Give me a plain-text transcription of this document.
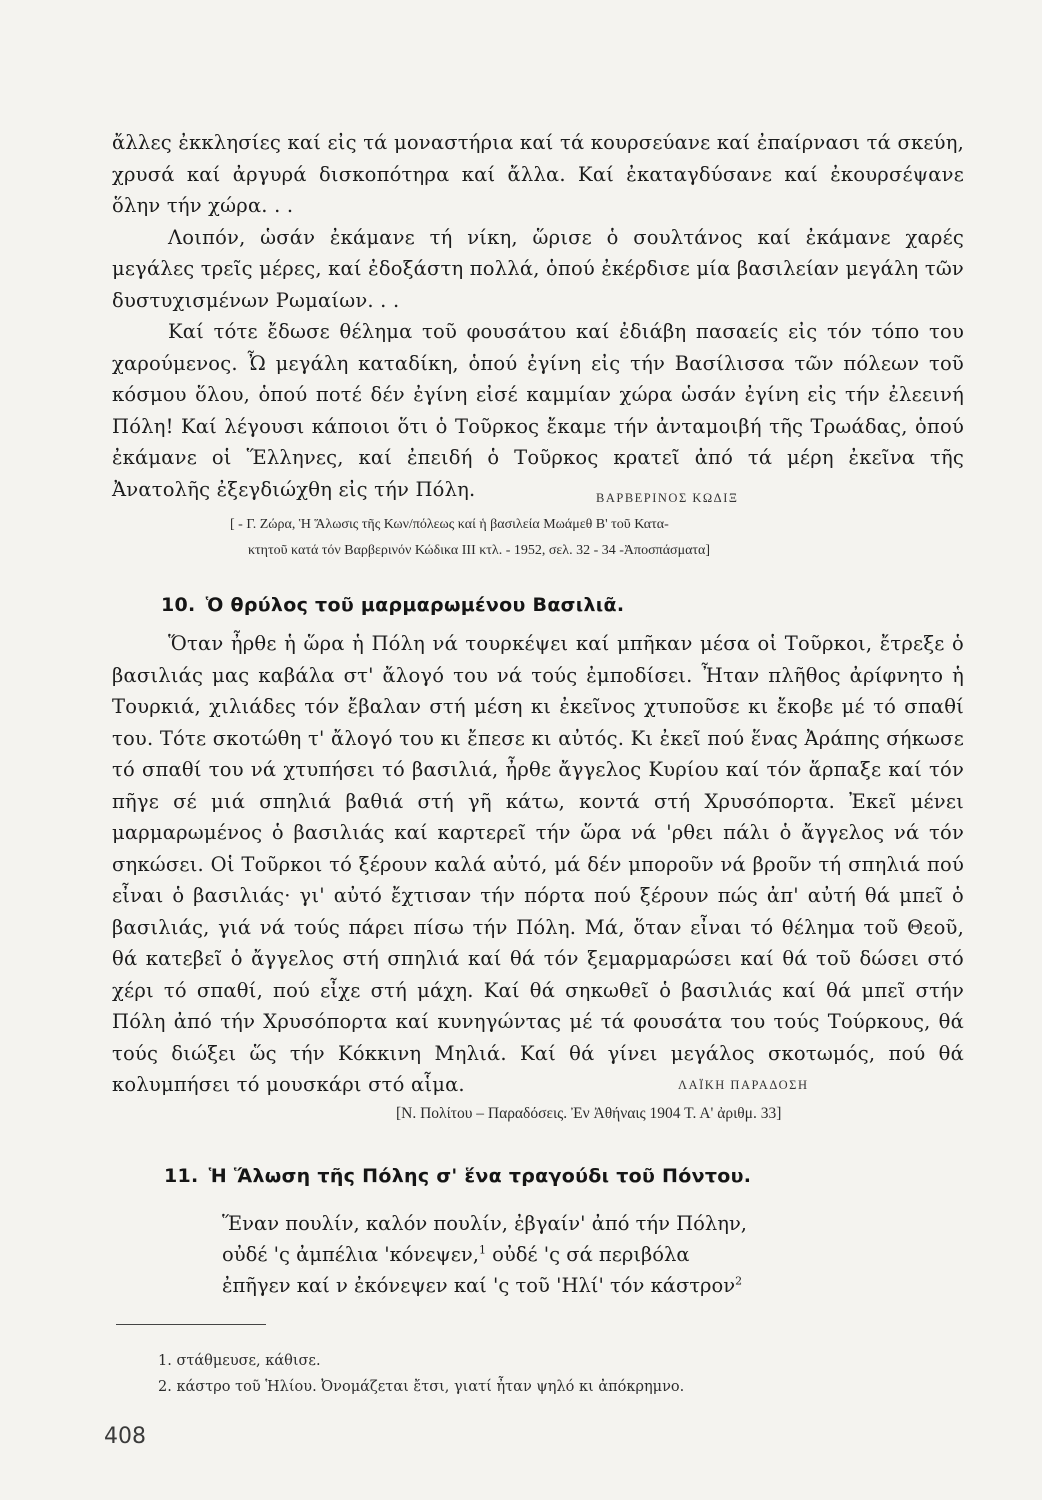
ἄλλες ἐκκλησίες καί εἰς τά μοναστήρια καί τά κουρσεύανε καί ἐπαίρνασι τά σκεύη, χρυσά καί ἀργυρά δισκοπότηρα καί ἄλλα. Καί ἐκαταγδύσανε καί ἐκουρσέψανε ὅλην τήν χώρα. . .

Λοιπόν, ὡσάν ἐκάμανε τή νίκη, ὥρισε ὁ σουλτάνος καί ἐκάμανε χαρές μεγάλες τρεῖς μέρες, καί ἐδοξάστη πολλά, ὁπού ἐκέρδισε μία βασιλείαν μεγάλη τῶν δυστυχισμένων Ρωμαίων. . .

Καί τότε ἔδωσε θέλημα τοῦ φουσάτου καί ἐδιάβη πασαείς εἰς τόν τόπο του χαρούμενος. Ὦ μεγάλη καταδίκη, ὁπού ἐγίνη εἰς τήν Βασίλισσα τῶν πόλεων τοῦ κόσμου ὅλου, ὁπού ποτέ δέν ἐγίνη εἰσέ καμμίαν χώρα ὡσάν ἐγίνη εἰς τήν ἐλεεινή Πόλη! Καί λέγουσι κάποιοι ὅτι ὁ Τοῦρκος ἔκαμε τήν ἀνταμοιβή τῆς Τρωάδας, ὁπού ἐκάμανε οἱ Ἕλληνες, καί ἐπειδή ὁ Τοῦρκος κρατεῖ ἀπό τά μέρη ἐκεῖνα τῆς Ἀνατολῆς ἐξεγδιώχθη εἰς τήν Πόλη.	ΒΑΡΒΕΡΙΝΟΣ ΚΩΔΙΞ
[ - Γ. Ζώρα, Ἡ Ἅλωσις τῆς Κων/πόλεως καί ἡ βασιλεία Μωάμεθ Β' τοῦ Κατα-
κτητοῦ κατά τόν Βαρβερινόν Κώδικα III κτλ. - 1952, σελ. 32 - 34 -Ἀποσπάσματα]
10. Ὁ θρύλος τοῦ μαρμαρωμένου Βασιλιᾶ.

Ὅταν ἦρθε ἡ ὥρα ἡ Πόλη νά τουρκέψει καί μπῆκαν μέσα οἱ Τοῦρκοι, ἔτρεξε ὁ βασιλιάς μας καβάλα στ' ἄλογό του νά τούς ἐμποδίσει. Ἦταν πλῆθος ἀρίφνητο ἡ Τουρκιά, χιλιάδες τόν ἔβαλαν στή μέση κι ἐκεῖνος χτυποῦσε κι ἔκοβε μέ τό σπαθί του. Τότε σκοτώθη τ' ἄλογό του κι ἔπεσε κι αὐτός. Κι ἐκεῖ πού ἕνας Ἀράπης σήκωσε τό σπαθί του νά χτυπήσει τό βασιλιά, ἦρθε ἄγγελος Κυρίου καί τόν ἅρπαξε καί τόν πῆγε σέ μιά σπηλιά βαθιά στή γῆ κάτω, κοντά στή Χρυσόπορτα. Ἐκεῖ μένει μαρμαρωμένος ὁ βασιλιάς καί καρτερεῖ τήν ὥρα νά 'ρθει πάλι ὁ ἄγγελος νά τόν σηκώσει. Οἱ Τοῦρκοι τό ξέρουν καλά αὐτό, μά δέν μποροῦν νά βροῦν τή σπηλιά πού εἶναι ὁ βασιλιάς· γι' αὐτό ἔχτισαν τήν πόρτα πού ξέρουν πώς ἀπ' αὐτή θά μπεῖ ὁ βασιλιάς, γιά νά τούς πάρει πίσω τήν Πόλη. Μά, ὅταν εἶναι τό θέλημα τοῦ Θεοῦ, θά κατεβεῖ ὁ ἄγγελος στή σπηλιά καί θά τόν ξεμαρμαρώσει καί θά τοῦ δώσει στό χέρι τό σπαθί, πού εἶχε στή μάχη. Καί θά σηκωθεῖ ὁ βασιλιάς καί θά μπεῖ στήν Πόλη ἀπό τήν Χρυσόπορτα καί κυνηγώντας μέ τά φουσάτα του τούς Τούρκους, θά τούς διώξει ὥς τήν Κόκκινη Μηλιά. Καί θά γίνει μεγάλος σκοτωμός, πού θά κολυμπήσει τό μουσκάρι στό αἷμα.	ΛΑΪΚΗ ΠΑΡΑΔΟΣΗ
[Ν. Πολίτου – Παραδόσεις. Ἐν Ἀθήναις 1904 Τ. Α' ἀριθμ. 33]
11. Ἡ Ἅλωση τῆς Πόλης σ' ἕνα τραγούδι τοῦ Πόντου.
Ἕναν πουλίν, καλόν πουλίν, ἐβγαίν' ἀπό τήν Πόλην,
οὐδέ 'ς ἀμπέλια 'κόνεψεν,$^1$ οὐδέ 'ς σά περιβόλα
ἐπῆγεν καί ν ἐκόνεψεν καί 'ς τοῦ 'Ηλί' τόν κάστρον$^2$
1. στάθμευσε, κάθισε.
2. κάστρο τοῦ Ἡλίου. Ὀνομάζεται ἔτσι, γιατί ἦταν ψηλό κι ἀπόκρημνο.
408
